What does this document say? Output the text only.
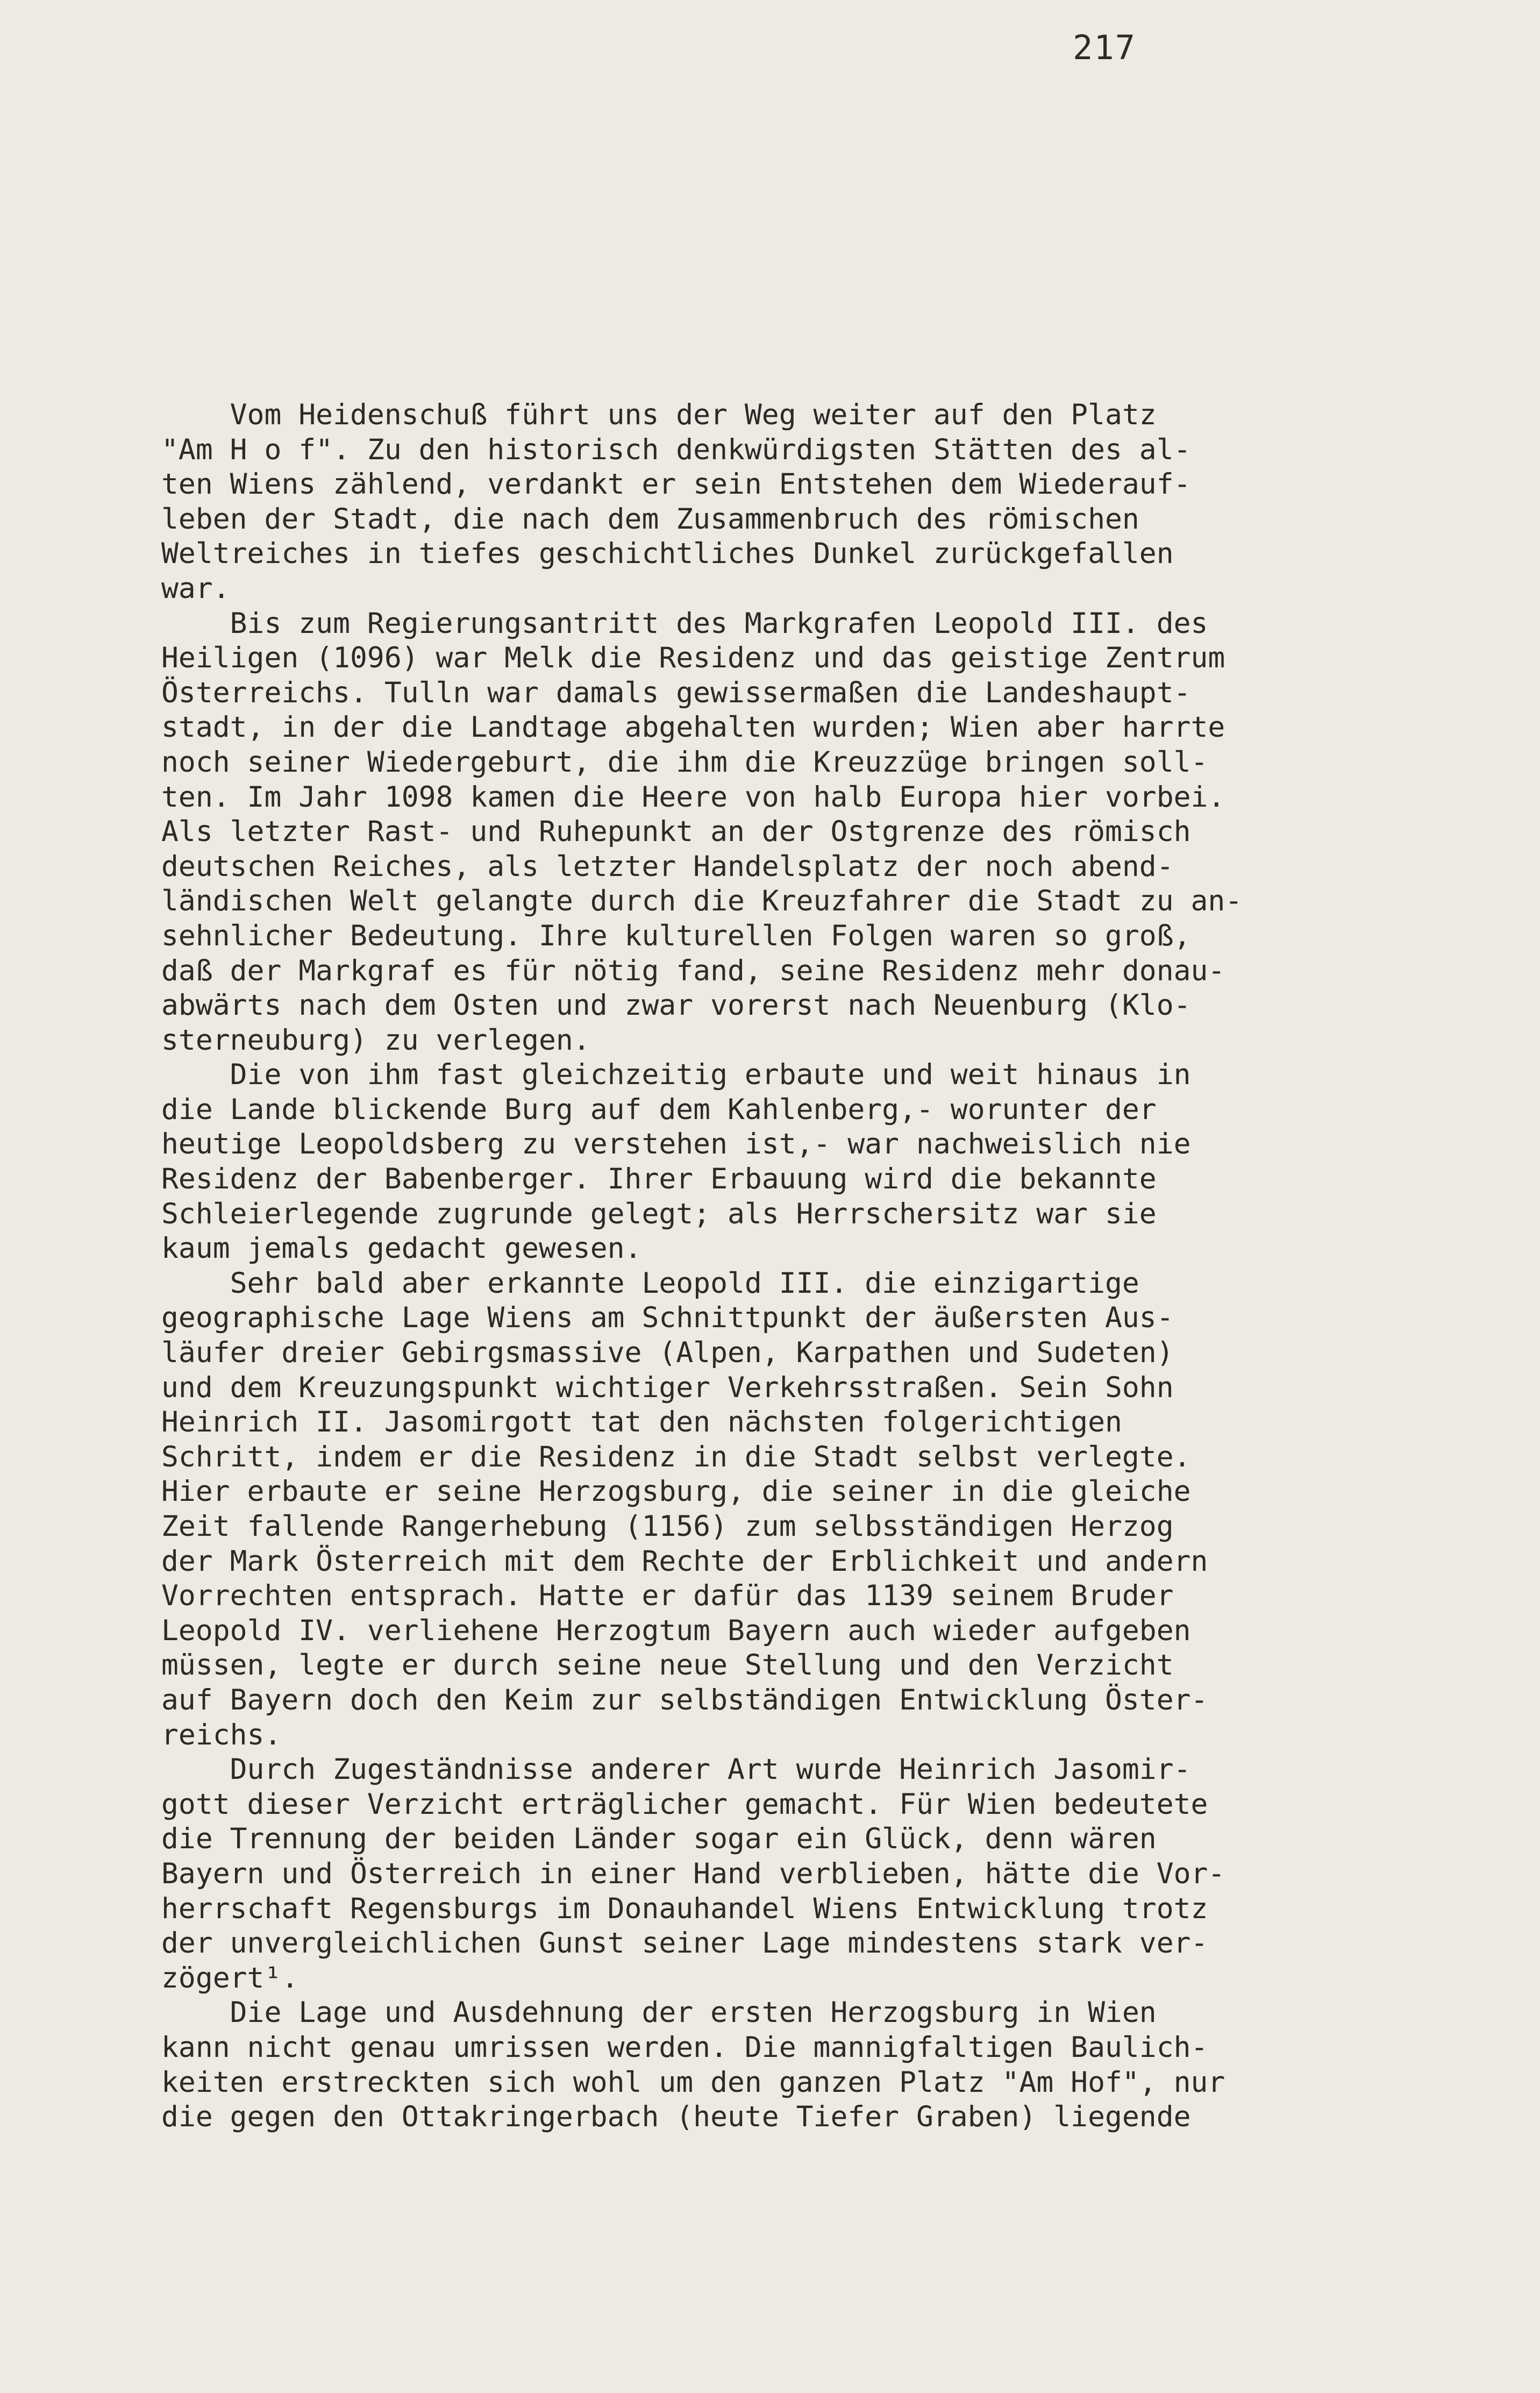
217
Vom Heidenschuß führt uns der Weg weiter auf den Platz
"Am H o f". Zu den historisch denkwürdigsten Stätten des al-
ten Wiens zählend, verdankt er sein Entstehen dem Wiederauf-
leben der Stadt, die nach dem Zusammenbruch des römischen
Weltreiches in tiefes geschichtliches Dunkel zurückgefallen
war.
Bis zum Regierungsantritt des Markgrafen Leopold III. des
Heiligen (1096) war Melk die Residenz und das geistige Zentrum
Österreichs. Tulln war damals gewissermaßen die Landeshaupt-
stadt, in der die Landtage abgehalten wurden; Wien aber harrte
noch seiner Wiedergeburt, die ihm die Kreuzzüge bringen soll-
ten. Im Jahr 1098 kamen die Heere von halb Europa hier vorbei.
Als letzter Rast- und Ruhepunkt an der Ostgrenze des römisch
deutschen Reiches, als letzter Handelsplatz der noch abend-
ländischen Welt gelangte durch die Kreuzfahrer die Stadt zu an-
sehnlicher Bedeutung. Ihre kulturellen Folgen waren so groß,
daß der Markgraf es für nötig fand, seine Residenz mehr donau-
abwärts nach dem Osten und zwar vorerst nach Neuenburg (Klo-
sterneuburg) zu verlegen.
Die von ihm fast gleichzeitig erbaute und weit hinaus in
die Lande blickende Burg auf dem Kahlenberg,- worunter der
heutige Leopoldsberg zu verstehen ist,- war nachweislich nie
Residenz der Babenberger. Ihrer Erbauung wird die bekannte
Schleierlegende zugrunde gelegt; als Herrschersitz war sie
kaum jemals gedacht gewesen.
Sehr bald aber erkannte Leopold III. die einzigartige
geographische Lage Wiens am Schnittpunkt der äußersten Aus-
läufer dreier Gebirgsmassive (Alpen, Karpathen und Sudeten)
und dem Kreuzungspunkt wichtiger Verkehrsstraßen. Sein Sohn
Heinrich II. Jasomirgott tat den nächsten folgerichtigen
Schritt, indem er die Residenz in die Stadt selbst verlegte.
Hier erbaute er seine Herzogsburg, die seiner in die gleiche
Zeit fallende Rangerhebung (1156) zum selbsständigen Herzog
der Mark Österreich mit dem Rechte der Erblichkeit und andern
Vorrechten entsprach. Hatte er dafür das 1139 seinem Bruder
Leopold IV. verliehene Herzogtum Bayern auch wieder aufgeben
müssen, legte er durch seine neue Stellung und den Verzicht
auf Bayern doch den Keim zur selbständigen Entwicklung Öster-
reichs.
Durch Zugeständnisse anderer Art wurde Heinrich Jasomir-
gott dieser Verzicht erträglicher gemacht. Für Wien bedeutete
die Trennung der beiden Länder sogar ein Glück, denn wären
Bayern und Österreich in einer Hand verblieben, hätte die Vor-
herrschaft Regensburgs im Donauhandel Wiens Entwicklung trotz
der unvergleichlichen Gunst seiner Lage mindestens stark ver-
zögert¹.
Die Lage und Ausdehnung der ersten Herzogsburg in Wien
kann nicht genau umrissen werden. Die mannigfaltigen Baulich-
keiten erstreckten sich wohl um den ganzen Platz "Am Hof", nur
die gegen den Ottakringerbach (heute Tiefer Graben) liegende
